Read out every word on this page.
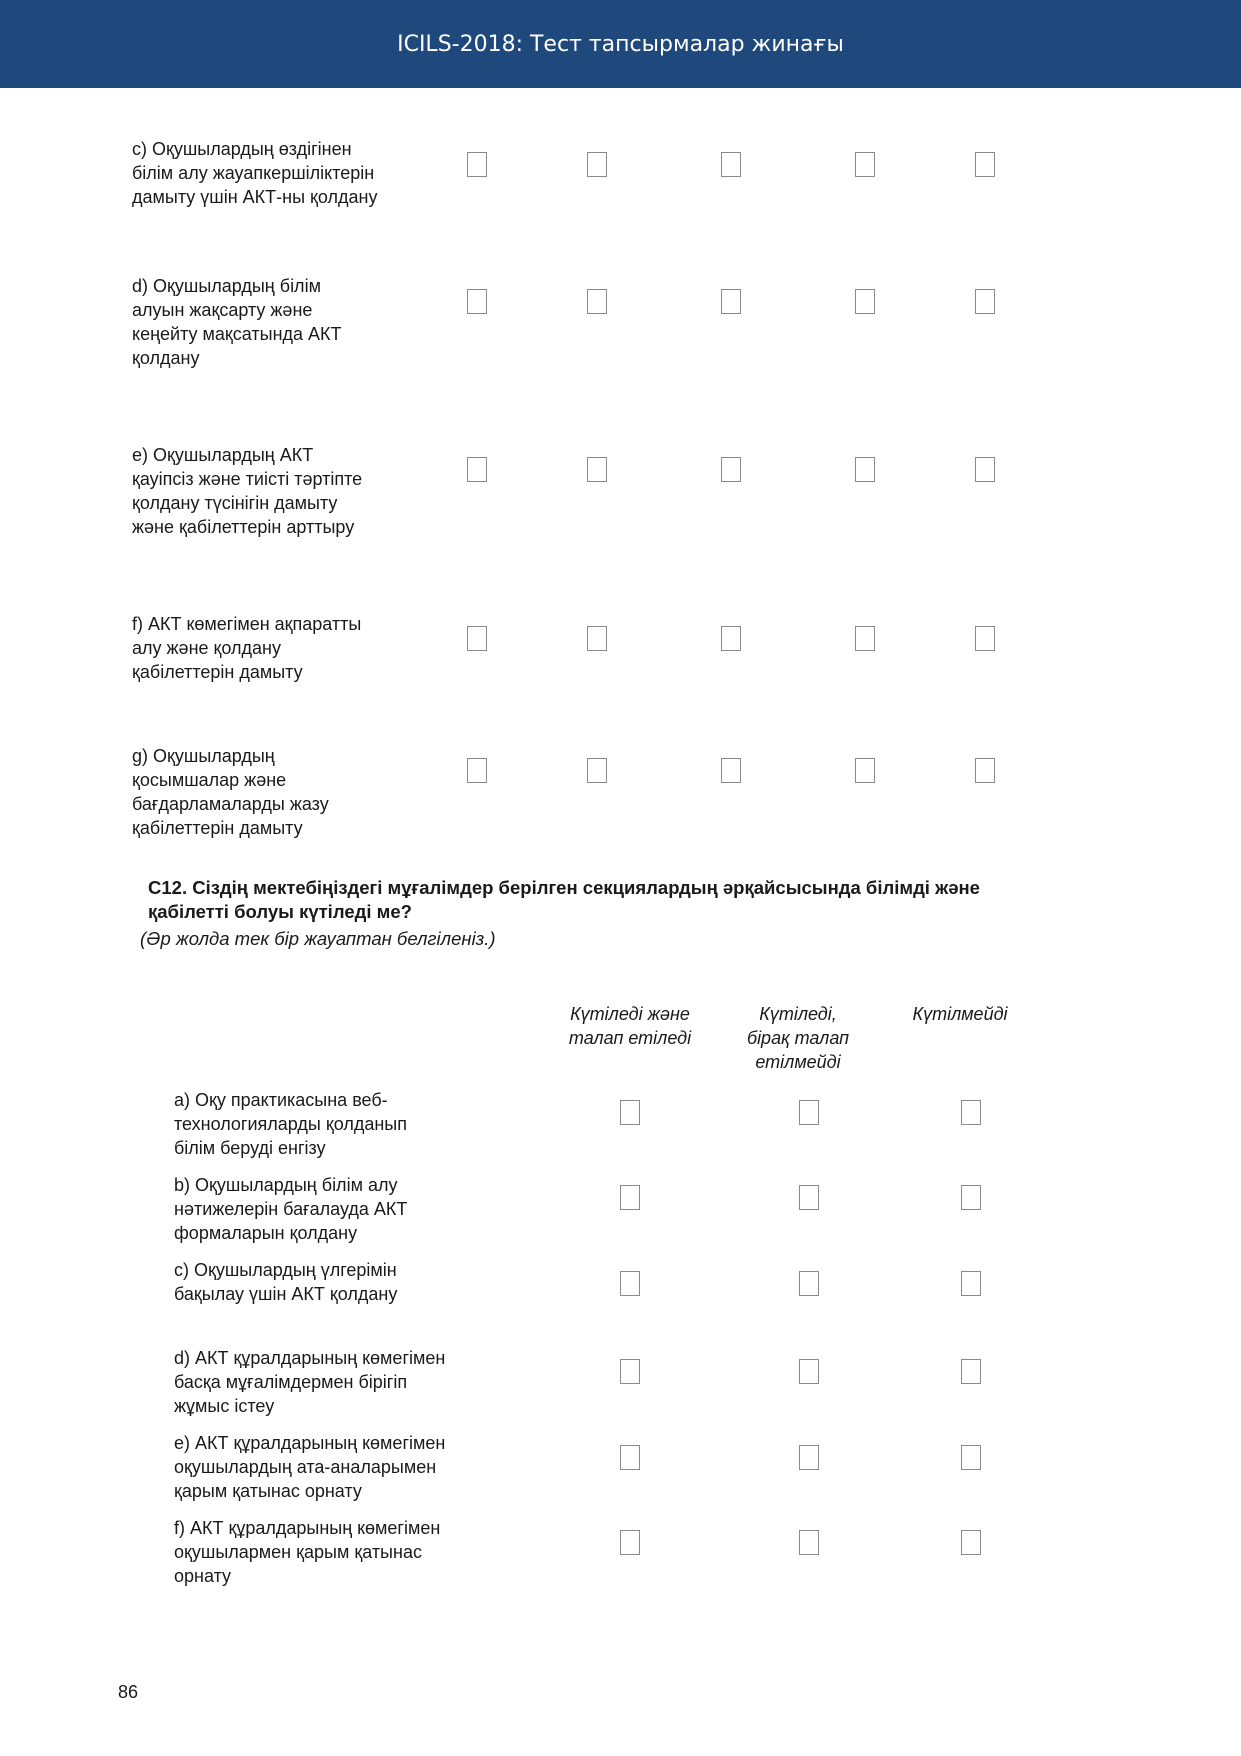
ICILS-2018: Тест тапсырмалар жинағы
c) Оқушылардың өздігінен
білім алу жауапкершіліктерін
дамыту үшін АКТ-ны қолдану
d) Оқушылардың білім
алуын жақсарту және
кеңейту мақсатында АКТ
қолдану
e) Оқушылардың АКТ
қауіпсіз және тиісті тәртіпте
қолдану түсінігін дамыту
және қабілеттерін арттыру
f) АКТ көмегімен ақпаратты
алу және қолдану
қабілеттерін дамыту
g) Оқушылардың
қосымшалар және
бағдарламаларды жазу
қабілеттерін дамыту
C12. Сіздің мектебіңіздегі мұғалімдер берілген секциялардың әрқайсысында білімді және
қабілетті болуы күтіледі ме?
(Әр жолда тек бір жауаптан белгіленіз.)
Күтіледі және
талап етіледі
Күтіледі,
бірақ талап
етілмейді
Күтілмейді
a) Оқу практикасына веб-
технологияларды қолданып
білім беруді енгізу
b) Оқушылардың білім алу
нәтижелерін бағалауда АКТ
формаларын қолдану
c) Оқушылардың үлгерімін
бақылау үшін АКТ қолдану
d) АКТ құралдарының көмегімен
басқа мұғалімдермен бірігіп
жұмыс істеу
e) АКТ құралдарының көмегімен
оқушылардың ата-аналарымен
қарым қатынас орнату
f) АКТ құралдарының көмегімен
оқушылармен қарым қатынас
орнату
86
